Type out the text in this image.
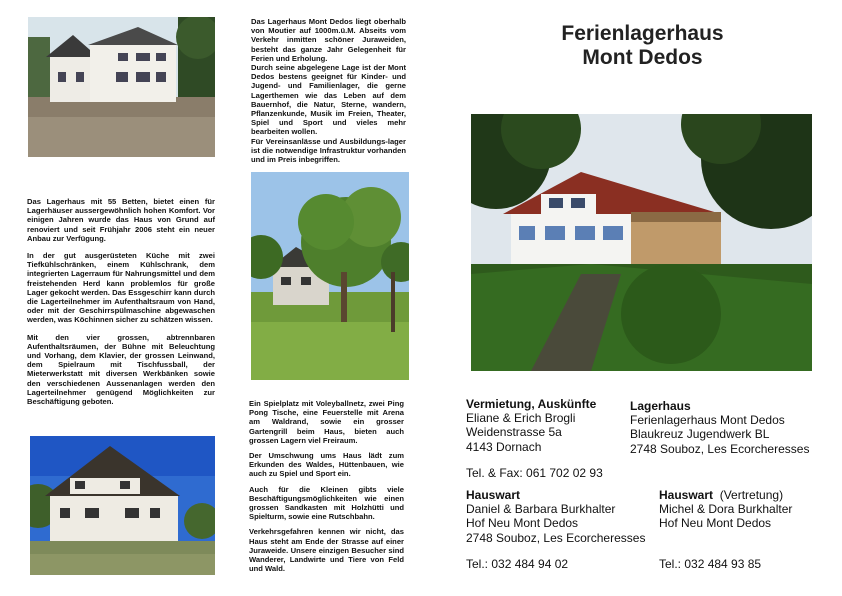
Das Lagerhaus Mont Dedos liegt oberhalb von Moutier auf 1000m.ü.M. Abseits vom Verkehr inmitten schöner Juraweiden, besteht das ganze Jahr Gelegenheit für Ferien und Erholung.

Durch seine abgelegene Lage ist der Mont Dedos bestens geeignet für Kinder- und Jugend- und Familienlager, die gerne Lagerthemen wie das Leben auf dem Bauernhof, die Natur, Sterne, wandern, Pflanzenkunde, Musik im Freien, Theater, Spiel und Sport und vieles mehr bearbeiten wollen.

Für Vereinsanlässe und Ausbildungs-lager ist die notwendige Infrastruktur vorhanden und im Preis inbegriffen.

Das Lagerhaus mit 55 Betten, bietet einen für Lagerhäuser aussergewöhnlich hohen Komfort. Vor einigen Jahren wurde das Haus von Grund auf renoviert und seit Frühjahr 2006 steht ein neuer Anbau zur Verfügung.

In der gut ausgerüsteten Küche mit zwei Tiefkühlschränken, einem Kühlschrank, dem integrierten Lagerraum für Nahrungsmittel und dem freistehenden Herd kann problemlos für große Lager gekocht werden. Das Essgeschirr kann durch die Lagerteilnehmer im Aufenthaltsraum von Hand, oder mit der Geschirrspülmaschine abgewaschen werden, was Köchinnen sicher zu schätzen wissen.

Mit den vier grossen, abtrennbaren Aufenthaltsräumen, der Bühne mit Beleuchtung und Vorhang, dem Klavier, der grossen Leinwand, dem Spielraum mit Tischfussball, der Mieterwerkstatt mit diversen Werkbänken sowie den verschiedenen Aussenanlagen werden den Lagerteilnehmer genügend Möglichkeiten zur Beschäftigung geboten.	Ein Spielplatz mit Voleyballnetz, zwei Ping Pong Tische, eine Feuerstelle mit Arena am Waldrand, sowie ein grosser Gartengrill beim Haus, bieten auch grossen Lagern viel Freiraum.

Der Umschwung ums Haus lädt zum Erkunden des Waldes, Hüttenbauen, wie auch zu Spiel und Sport ein.

Auch für die Kleinen gibts viele Beschäftigungsmöglichkeiten wie einen grossen Sandkasten mit Holzhütti und Spielturm, sowie eine Rutschbahn.

Verkehrsgefahren kennen wir nicht, das Haus steht am Ende der Strasse auf einer Juraweide. Unsere einzigen Besucher sind Wanderer, Landwirte und Tiere von Feld und Wald.

Ferienlagerhaus
Mont Dedos
Vermietung, Auskünfte
Eliane & Erich Brogli
Weidenstrasse 5a
4143 Dornach
Tel. & Fax: 061 702 02 93
Lagerhaus
Ferienlagerhaus Mont Dedos
Blaukreuz Jugendwerk BL
2748 Souboz, Les Ecorcheresses
Hauswart
Daniel & Barbara Burkhalter
Hof Neu Mont Dedos
2748 Souboz, Les Ecorcheresses
Tel.: 032 484 94 02
Hauswart (Vertretung)
Michel & Dora Burkhalter
Hof Neu Mont Dedos
Tel.: 032 484 93 85
